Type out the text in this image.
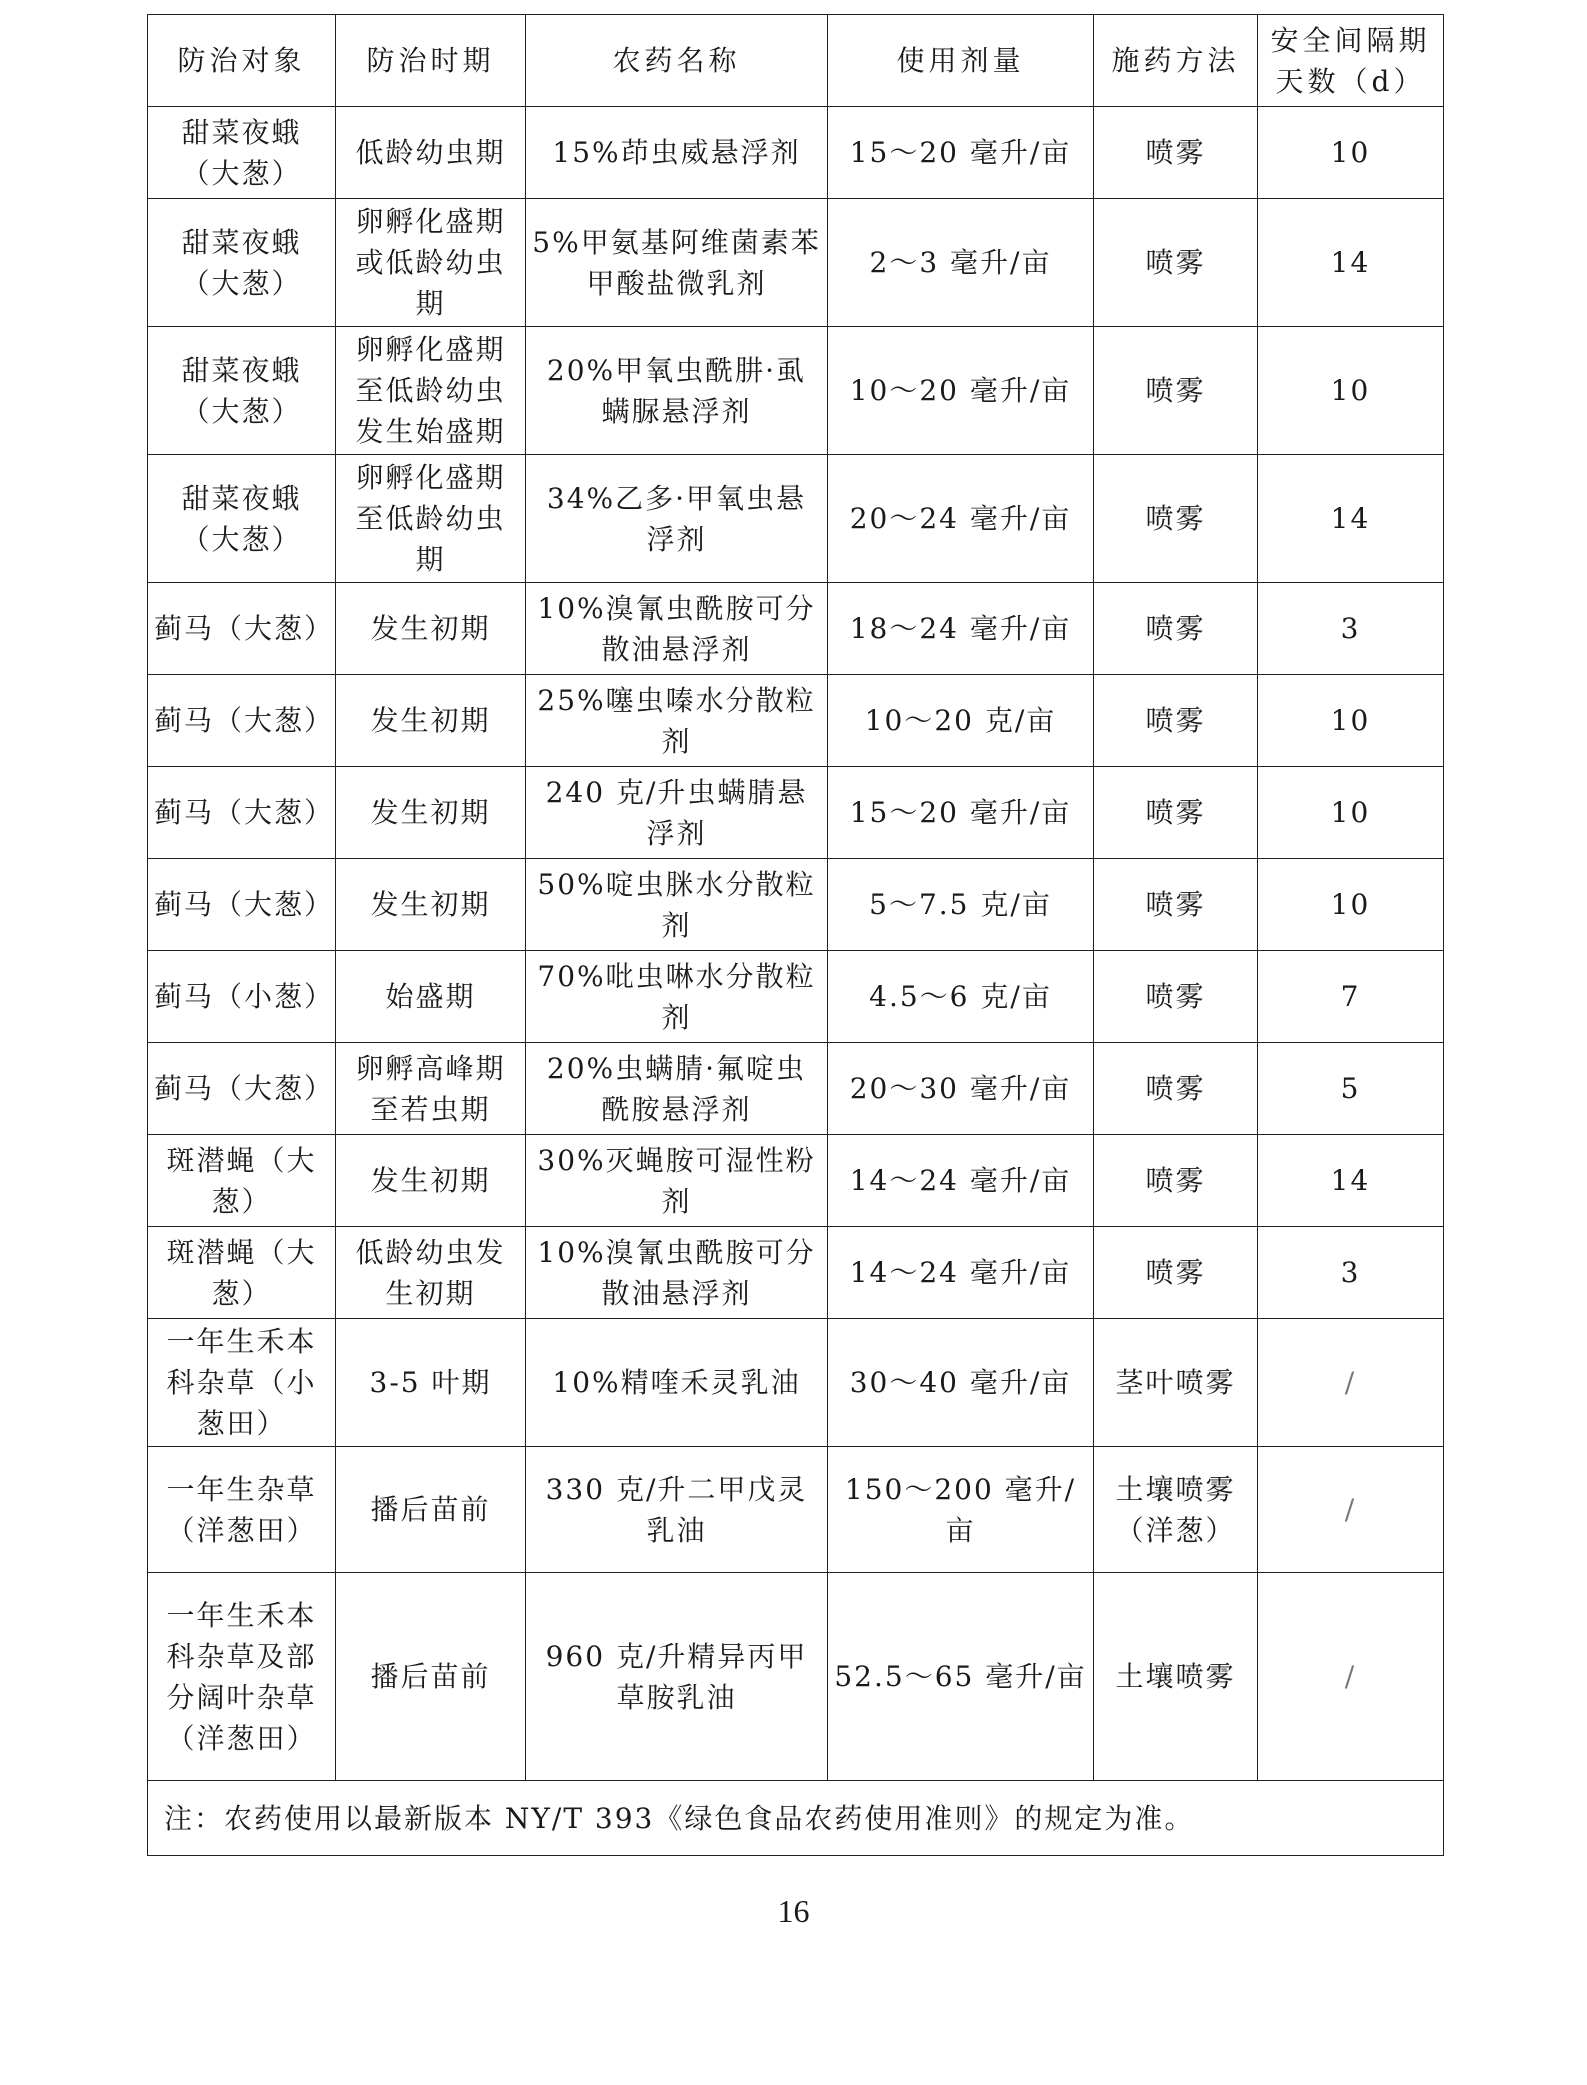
防治对象	防治时期	农药名称	使用剂量	施药方法	安全间隔期天数（d）
甜菜夜蛾（大葱）	低龄幼虫期	15%茚虫威悬浮剂	15～20 毫升/亩	喷雾	10
甜菜夜蛾（大葱）	卵孵化盛期或低龄幼虫期	5%甲氨基阿维菌素苯甲酸盐微乳剂	2～3 毫升/亩	喷雾	14
甜菜夜蛾（大葱）	卵孵化盛期至低龄幼虫发生始盛期	20%甲氧虫酰肼·虱螨脲悬浮剂	10～20 毫升/亩	喷雾	10
甜菜夜蛾（大葱）	卵孵化盛期至低龄幼虫期	34%乙多·甲氧虫悬浮剂	20～24 毫升/亩	喷雾	14
蓟马（大葱）	发生初期	10%溴氰虫酰胺可分散油悬浮剂	18～24 毫升/亩	喷雾	3
蓟马（大葱）	发生初期	25%噻虫嗪水分散粒剂	10～20 克/亩	喷雾	10
蓟马（大葱）	发生初期	240 克/升虫螨腈悬浮剂	15～20 毫升/亩	喷雾	10
蓟马（大葱）	发生初期	50%啶虫脒水分散粒剂	5～7.5 克/亩	喷雾	10
蓟马（小葱）	始盛期	70%吡虫啉水分散粒剂	4.5～6 克/亩	喷雾	7
蓟马（大葱）	卵孵高峰期至若虫期	20%虫螨腈·氟啶虫酰胺悬浮剂	20～30 毫升/亩	喷雾	5
斑潜蝇（大葱）	发生初期	30%灭蝇胺可湿性粉剂	14～24 毫升/亩	喷雾	14
斑潜蝇（大葱）	低龄幼虫发生初期	10%溴氰虫酰胺可分散油悬浮剂	14～24 毫升/亩	喷雾	3
一年生禾本科杂草（小葱田）	3-5 叶期	10%精喹禾灵乳油	30～40 毫升/亩	茎叶喷雾	/
一年生杂草（洋葱田）	播后苗前	330 克/升二甲戊灵乳油	150～200 毫升/亩	土壤喷雾（洋葱）	/
一年生禾本科杂草及部分阔叶杂草（洋葱田）	播后苗前	960 克/升精异丙甲草胺乳油	52.5～65 毫升/亩	土壤喷雾	/
注：农药使用以最新版本 NY/T 393《绿色食品农药使用准则》的规定为准。					
16
